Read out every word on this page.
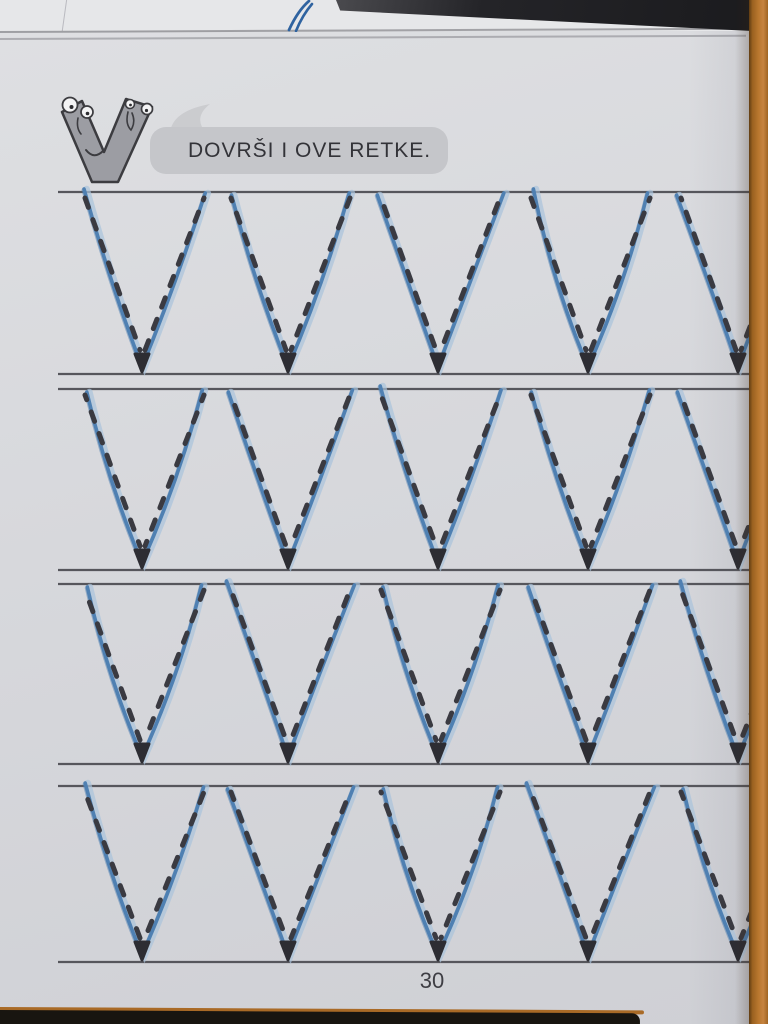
DOVRŠI I OVE RETKE.
30
